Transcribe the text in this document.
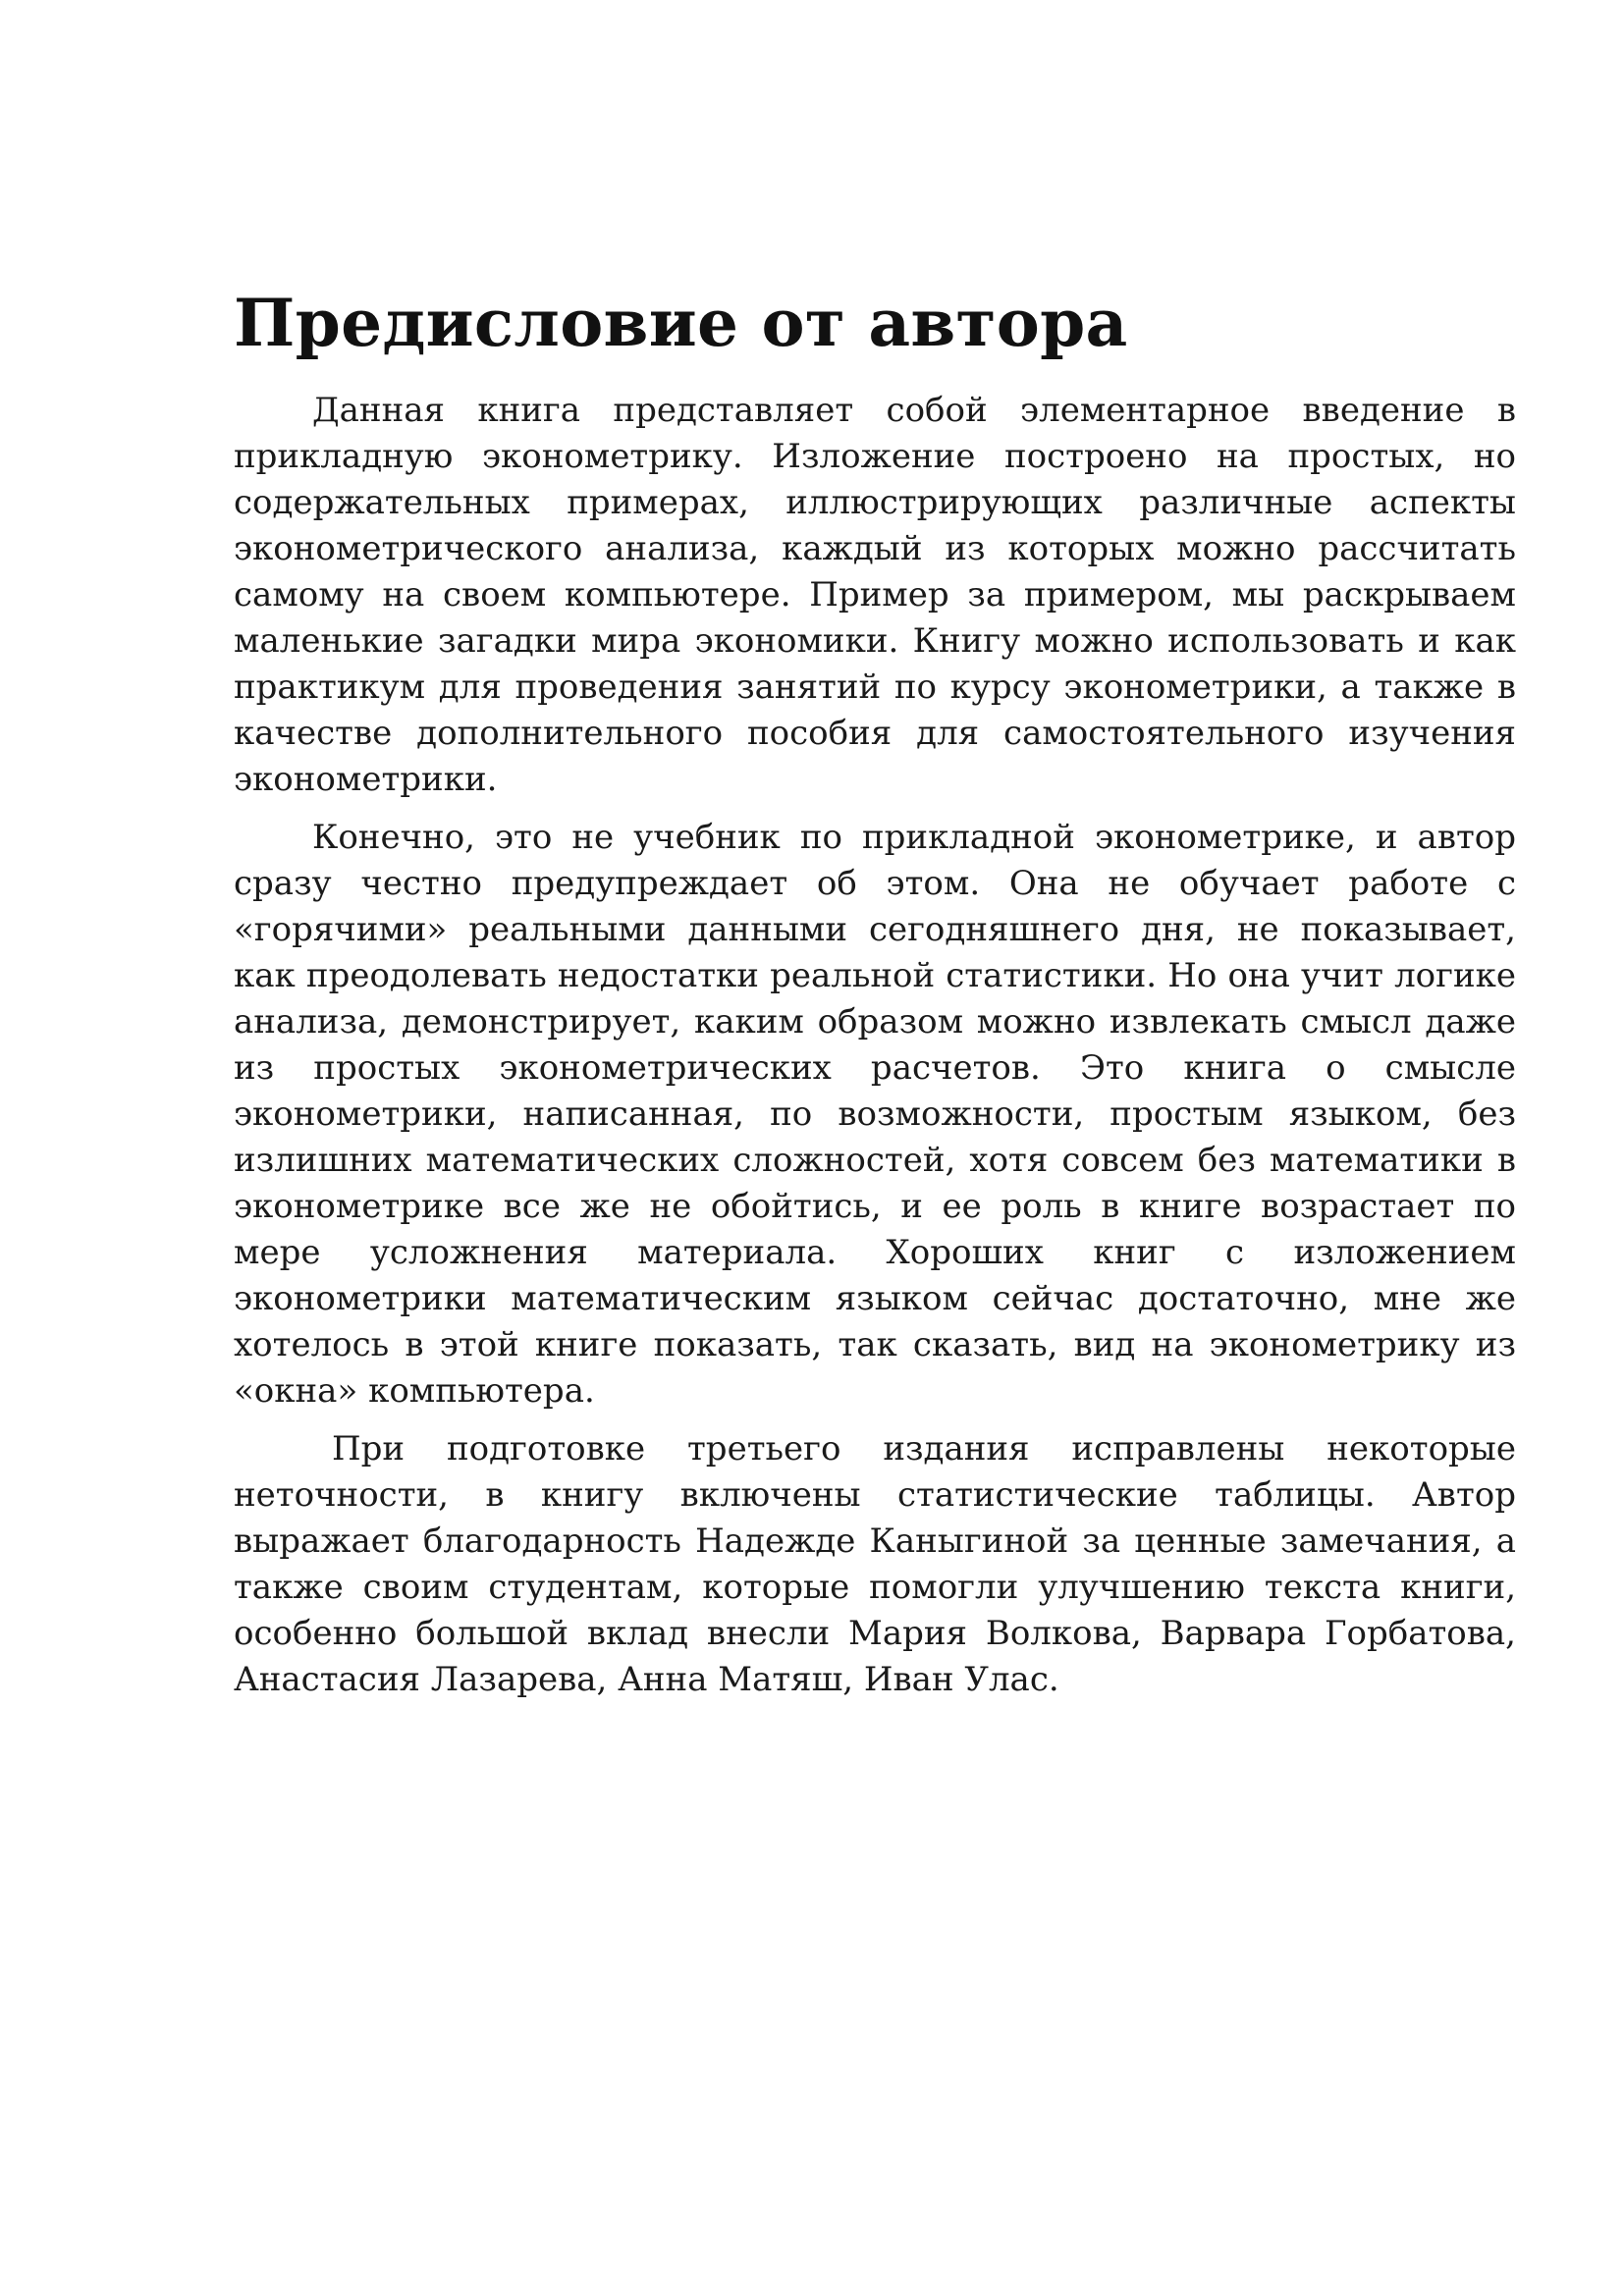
Предисловие от автора

Данная книга представляет собой элементарное введение в прикладную эконометрику. Изложение построено на простых, но содержательных примерах, иллюстрирующих различные аспекты эконометрического анализа, каждый из которых можно рассчитать самому на своем компьютере. Пример за примером, мы раскрываем маленькие загадки мира экономики. Книгу можно использовать и как практикум для проведения занятий по курсу эконометрики, а также в качестве дополнительного пособия для самостоятельного изучения эконометрики.

Конечно, это не учебник по прикладной эконометрике, и автор сразу честно предупреждает об этом. Она не обучает работе с «горячими» реальными данными сегодняшнего дня, не показывает, как преодолевать недостатки реальной статистики. Но она учит логике анализа, демонстрирует, каким образом можно извлекать смысл даже из простых эконометрических расчетов. Это книга о смысле эконометрики, написанная, по возможности, простым языком, без излишних математических сложностей, хотя совсем без математики в эконометрике все же не обойтись, и ее роль в книге возрастает по мере усложнения материала. Хороших книг с изложением эконометрики математическим языком сейчас достаточно, мне же хотелось в этой книге показать, так сказать, вид на эконометрику из «окна» компьютера.

При подготовке третьего издания исправлены некоторые неточности, в книгу включены статистические таблицы. Автор выражает благодарность Надежде Каныгиной за ценные замечания, а также своим студентам, которые помогли улучшению текста книги, особенно большой вклад внесли Мария Волкова, Варвара Горбатова, Анастасия Лазарева, Анна Матяш, Иван Улас.
